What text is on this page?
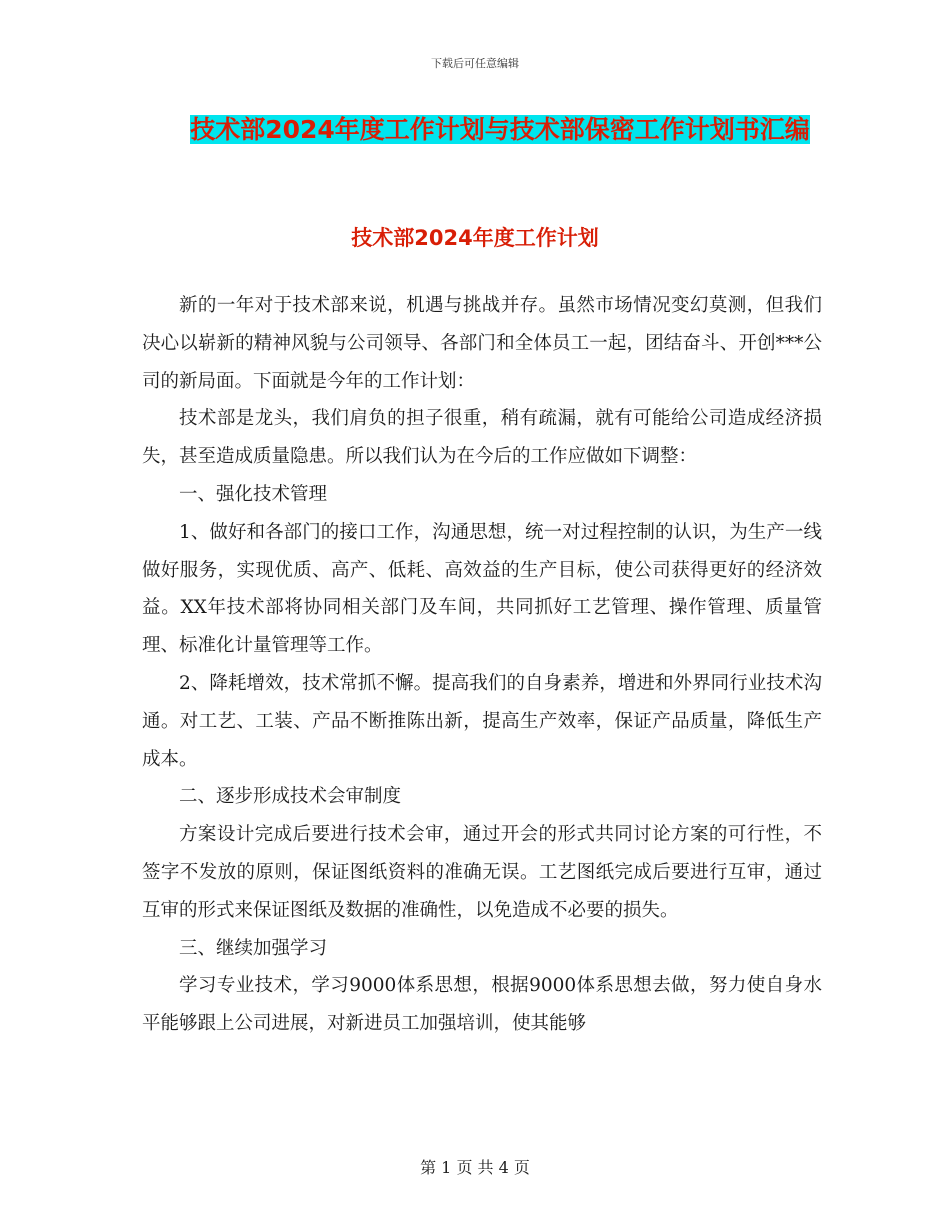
下载后可任意编辑
技术部2024年度工作计划与技术部保密工作计划书汇编
技术部2024年度工作计划

新的一年对于技术部来说，机遇与挑战并存。虽然市场情况变幻莫测，但我们决心以崭新的精神风貌与公司领导、各部门和全体员工一起，团结奋斗、开创***公司的新局面。下面就是今年的工作计划：

技术部是龙头，我们肩负的担子很重，稍有疏漏，就有可能给公司造成经济损失，甚至造成质量隐患。所以我们认为在今后的工作应做如下调整：

一、强化技术管理

1、做好和各部门的接口工作，沟通思想，统一对过程控制的认识，为生产一线做好服务，实现优质、高产、低耗、高效益的生产目标，使公司获得更好的经济效益。XX年技术部将协同相关部门及车间，共同抓好工艺管理、操作管理、质量管理、标准化计量管理等工作。

2、降耗增效，技术常抓不懈。提高我们的自身素养，增进和外界同行业技术沟通。对工艺、工装、产品不断推陈出新，提高生产效率，保证产品质量，降低生产成本。

二、逐步形成技术会审制度

方案设计完成后要进行技术会审，通过开会的形式共同讨论方案的可行性，不签字不发放的原则，保证图纸资料的准确无误。工艺图纸完成后要进行互审，通过互审的形式来保证图纸及数据的准确性，以免造成不必要的损失。

三、继续加强学习

学习专业技术，学习9000体系思想，根据9000体系思想去做，努力使自身水平能够跟上公司进展，对新进员工加强培训，使其能够

第 1 页 共 4 页
